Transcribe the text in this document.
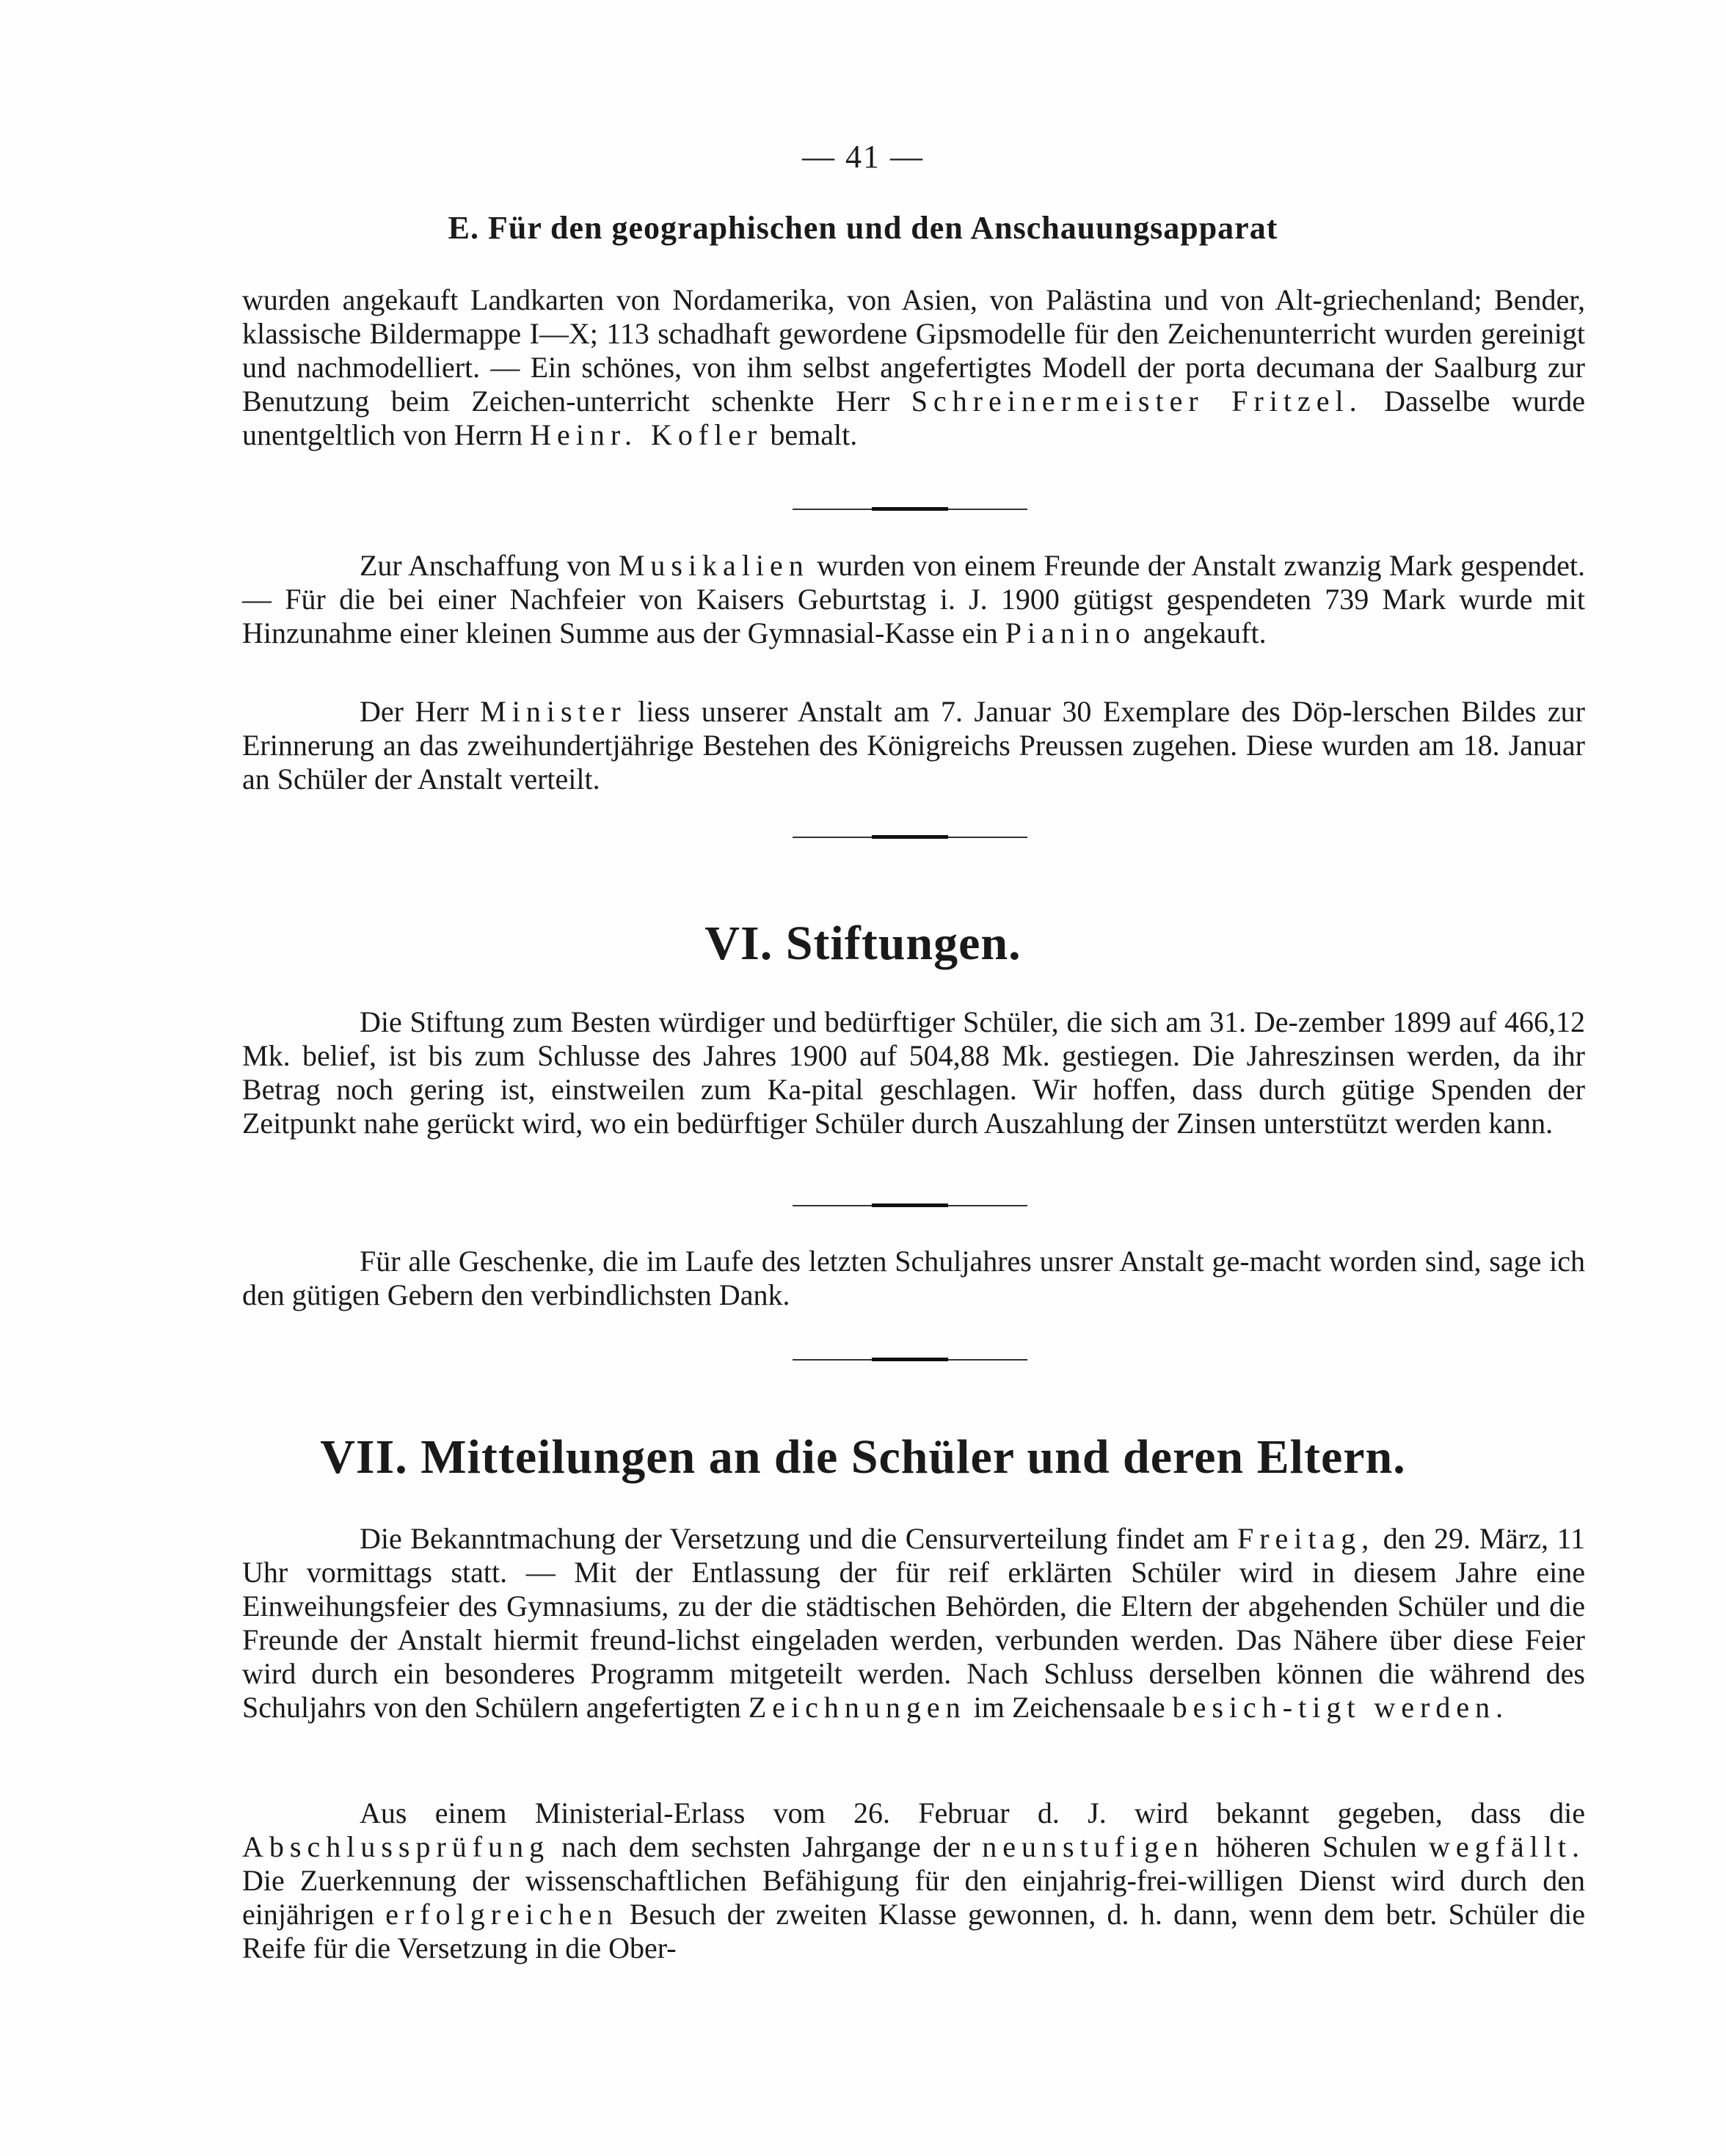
— 41 —
E. Für den geographischen und den Anschauungsapparat

wurden angekauft Landkarten von Nordamerika, von Asien, von Palästina und von Alt-griechenland; Bender, klassische Bildermappe I—X; 113 schadhaft gewordene Gipsmodelle für den Zeichenunterricht wurden gereinigt und nachmodelliert. — Ein schönes, von ihm selbst angefertigtes Modell der porta decumana der Saalburg zur Benutzung beim Zeichen-unterricht schenkte Herr Schreinermeister Fritzel. Dasselbe wurde unentgeltlich von Herrn Heinr. Kofler bemalt.

Zur Anschaffung von Musikalien wurden von einem Freunde der Anstalt zwanzig Mark gespendet. — Für die bei einer Nachfeier von Kaisers Geburtstag i. J. 1900 gütigst gespendeten 739 Mark wurde mit Hinzunahme einer kleinen Summe aus der Gymnasial-Kasse ein Pianino angekauft.

Der Herr Minister liess unserer Anstalt am 7. Januar 30 Exemplare des Döp-lerschen Bildes zur Erinnerung an das zweihundertjährige Bestehen des Königreichs Preussen zugehen. Diese wurden am 18. Januar an Schüler der Anstalt verteilt.

VI. Stiftungen.

Die Stiftung zum Besten würdiger und bedürftiger Schüler, die sich am 31. De-zember 1899 auf 466,12 Mk. belief, ist bis zum Schlusse des Jahres 1900 auf 504,88 Mk. gestiegen. Die Jahreszinsen werden, da ihr Betrag noch gering ist, einstweilen zum Ka-pital geschlagen. Wir hoffen, dass durch gütige Spenden der Zeitpunkt nahe gerückt wird, wo ein bedürftiger Schüler durch Auszahlung der Zinsen unterstützt werden kann.

Für alle Geschenke, die im Laufe des letzten Schuljahres unsrer Anstalt ge-macht worden sind, sage ich den gütigen Gebern den verbindlichsten Dank.

VII. Mitteilungen an die Schüler und deren Eltern.

Die Bekanntmachung der Versetzung und die Censurverteilung findet am Freitag, den 29. März, 11 Uhr vormittags statt. — Mit der Entlassung der für reif erklärten Schüler wird in diesem Jahre eine Einweihungsfeier des Gymnasiums, zu der die städtischen Behörden, die Eltern der abgehenden Schüler und die Freunde der Anstalt hiermit freund-lichst eingeladen werden, verbunden werden. Das Nähere über diese Feier wird durch ein besonderes Programm mitgeteilt werden. Nach Schluss derselben können die während des Schuljahrs von den Schülern angefertigten Zeichnungen im Zeichensaale besich-tigt werden.

Aus einem Ministerial-Erlass vom 26. Februar d. J. wird bekannt gegeben, dass die Abschlussprüfung nach dem sechsten Jahrgange der neunstufigen höheren Schulen wegfällt. Die Zuerkennung der wissenschaftlichen Befähigung für den einjahrig-frei-willigen Dienst wird durch den einjährigen erfolgreichen Besuch der zweiten Klasse gewonnen, d. h. dann, wenn dem betr. Schüler die Reife für die Versetzung in die Ober-
